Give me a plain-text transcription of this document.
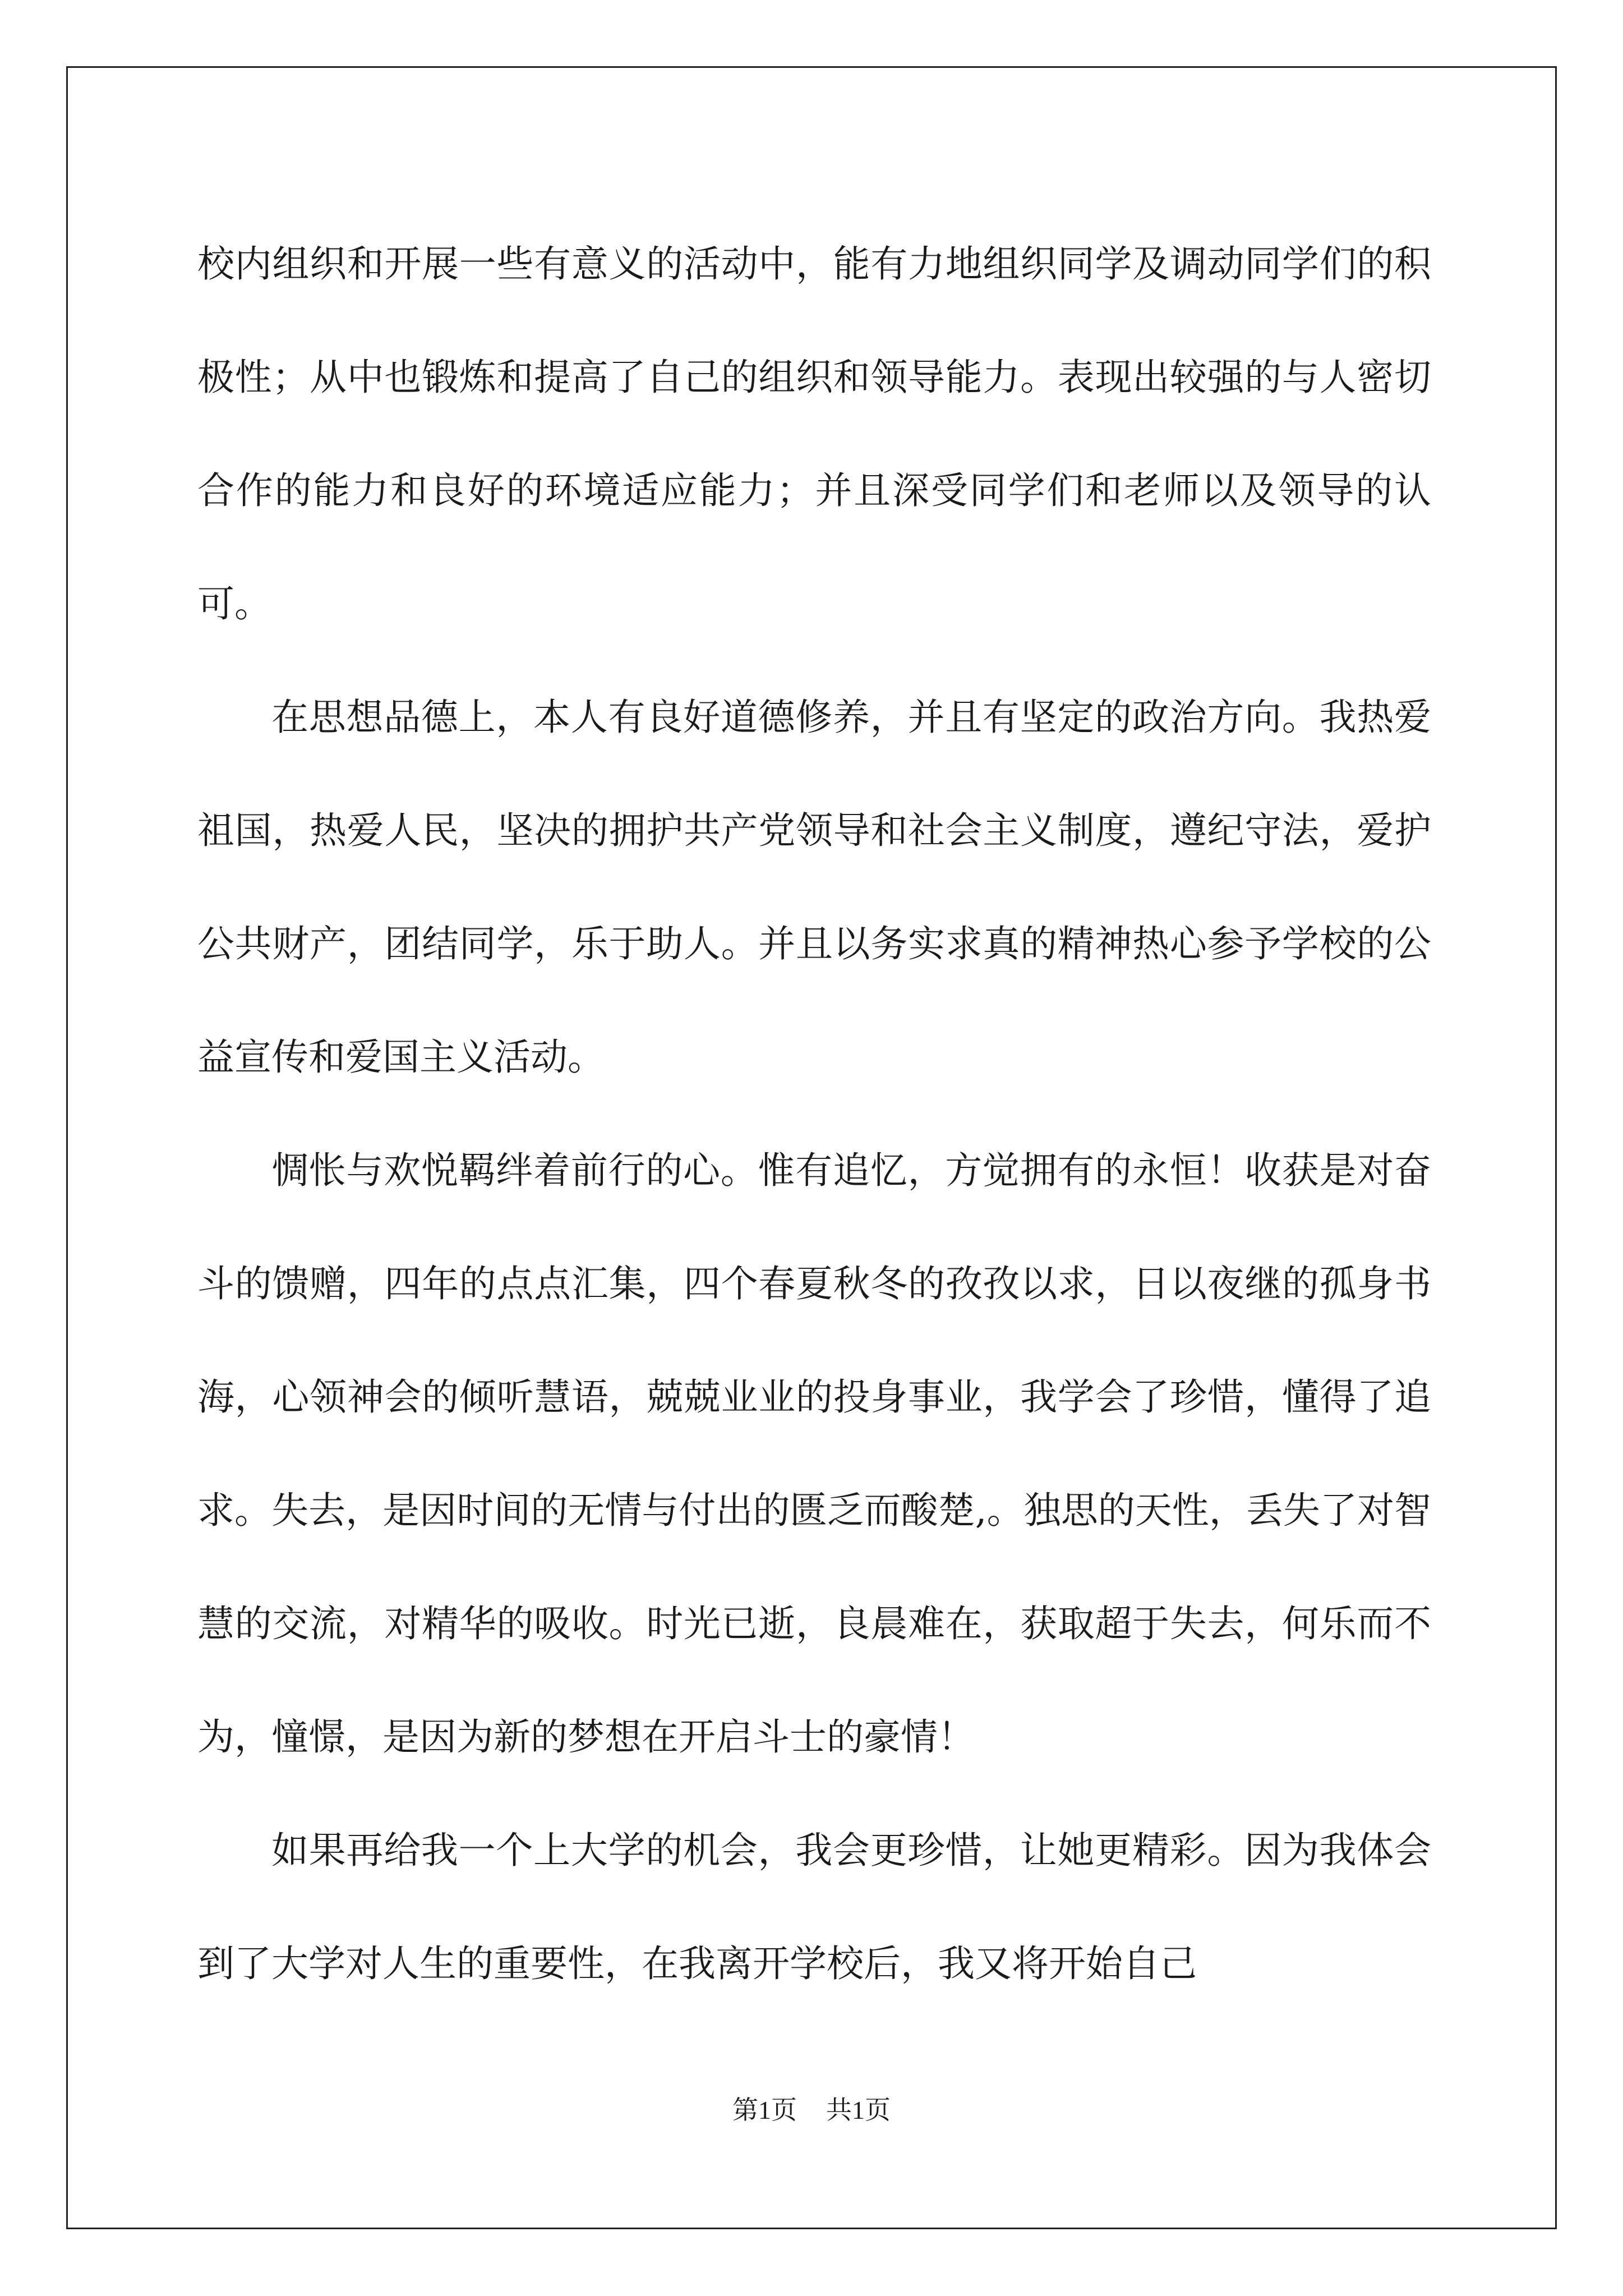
校内组织和开展一些有意义的活动中，能有力地组织同学及调动同学们的积极性；从中也锻炼和提高了自己的组织和领导能力。表现出较强的与人密切合作的能力和良好的环境适应能力；并且深受同学们和老师以及领导的认可。

在思想品德上，本人有良好道德修养，并且有坚定的政治方向。我热爱祖国，热爱人民，坚决的拥护共产党领导和社会主义制度，遵纪守法，爱护公共财产，团结同学，乐于助人。并且以务实求真的精神热心参予学校的公益宣传和爱国主义活动。

惆怅与欢悦羁绊着前行的心。惟有追忆，方觉拥有的永恒！收获是对奋斗的馈赠，四年的点点汇集，四个春夏秋冬的孜孜以求，日以夜继的孤身书海，心领神会的倾听慧语，兢兢业业的投身事业，我学会了珍惜，懂得了追求。失去，是因时间的无情与付出的匮乏而酸楚,。独思的天性，丢失了对智慧的交流，对精华的吸收。时光已逝，良晨难在，获取超于失去，何乐而不为，憧憬，是因为新的梦想在开启斗士的豪情！

如果再给我一个上大学的机会，我会更珍惜，让她更精彩。因为我体会到了大学对人生的重要性，在我离开学校后，我又将开始自己

第1页 共1页
